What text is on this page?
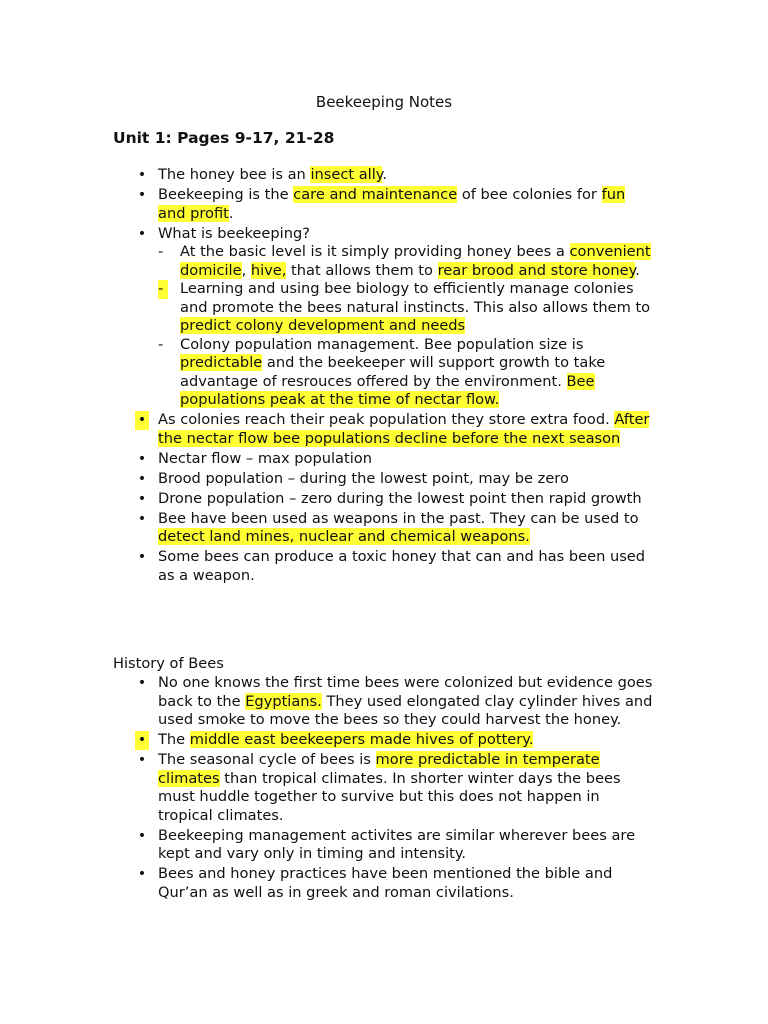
Beekeeping Notes
Unit 1: Pages 9-17, 21-28
• The honey bee is an insect ally.
• Beekeeping is the care and maintenance of bee colonies for fun and profit.
• What is beekeeping?
-	At the basic level is it simply providing honey bees a convenient domicile, hive, that allows them to rear brood and store honey.
-	Learning and using bee biology to efficiently manage colonies and promote the bees natural instincts. This also allows them to predict colony development and needs
-	Colony population management. Bee population size is predictable and the beekeeper will support growth to take advantage of resrouces offered by the environment. Bee populations peak at the time of nectar flow.
• As colonies reach their peak population they store extra food. After the nectar flow bee populations decline before the next season
• Nectar flow – max population
• Brood population – during the lowest point, may be zero
• Drone population – zero during the lowest point then rapid growth
• Bee have been used as weapons in the past. They can be used to detect land mines, nuclear and chemical weapons.
• Some bees can produce a toxic honey that can and has been used as a weapon.
History of Bees
• No one knows the first time bees were colonized but evidence goes back to the Egyptians. They used elongated clay cylinder hives and used smoke to move the bees so they could harvest the honey.
• The middle east beekeepers made hives of pottery.
• The seasonal cycle of bees is more predictable in temperate climates than tropical climates. In shorter winter days the bees must huddle together to survive but this does not happen in tropical climates.
• Beekeeping management activites are similar wherever bees are kept and vary only in timing and intensity.
• Bees and honey practices have been mentioned the bible and Qur’an as well as in greek and roman civilations.
